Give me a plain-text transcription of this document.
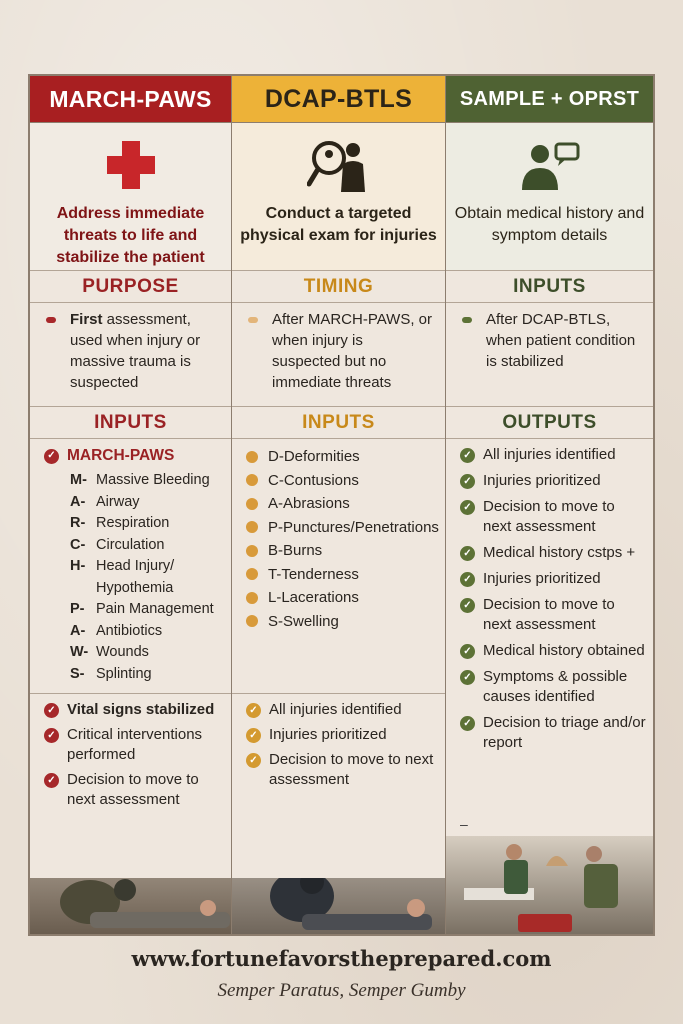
MARCH-PAWS
Address immediate threats to life and stabilize the patient
PURPOSE
First assessment, used when injury or massive trauma is suspected
INPUTS
✓ MARCH-PAWS
M- Massive Bleeding
A- Airway
R- Respiration
C- Circulation
H- Head Injury/ Hypothemia
P- Pain Management
A- Antibiotics
W- Wounds
S- Splinting
✓ Vital signs stabilized
✓ Critical interventions performed
✓ Decision to move to next assessment
DCAP-BTLS
Conduct a targeted physical exam for injuries
TIMING
After MARCH-PAWS, or when injury is suspected but no immediate threats
INPUTS
D-Deformities
C-Contusions
A-Abrasions
P-Punctures/Penetrations
B-Burns
T-Tenderness
L-Lacerations
S-Swelling
✓ All injuries identified
✓ Injuries prioritized
✓ Decision to move to next assessment
SAMPLE + OPRST
Obtain medical history and symptom details
INPUTS
After DCAP-BTLS, when patient condition is stabilized
OUTPUTS
✓ All injuries identified
✓ Injuries prioritized
✓ Decision to move to next assessment
✓ Medical history cstps +
✓ Injuries prioritized
✓ Decision to move to next assessment
✓ Medical history obtained
✓ Symptoms & possible causes identified
✓ Decision to triage and/or report
–
www.fortunefavorstheprepared.com
Semper Paratus, Semper Gumby
